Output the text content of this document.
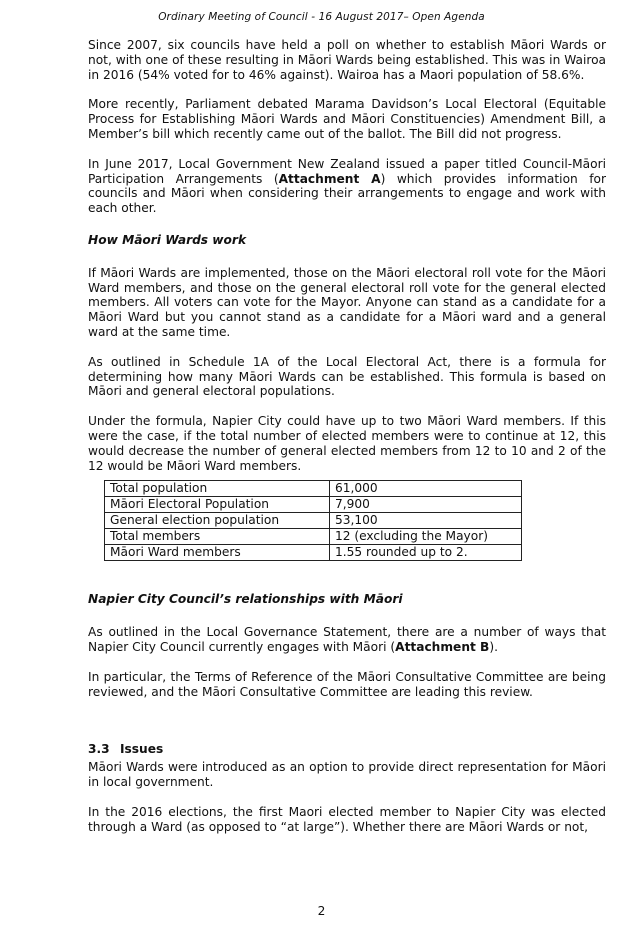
Ordinary Meeting of Council - 16 August 2017– Open Agenda

Since 2007, six councils have held a poll on whether to establish Māori Wards or not, with one of these resulting in Māori Wards being established. This was in Wairoa in 2016 (54% voted for to 46% against). Wairoa has a Maori population of 58.6%.

More recently, Parliament debated Marama Davidson’s Local Electoral (Equitable Process for Establishing Māori Wards and Māori Constituencies) Amendment Bill, a Member’s bill which recently came out of the ballot. The Bill did not progress.

In June 2017, Local Government New Zealand issued a paper titled Council-Māori Participation Arrangements (Attachment A) which provides information for councils and Māori when considering their arrangements to engage and work with each other.

How Māori Wards work

If Māori Wards are implemented, those on the Māori electoral roll vote for the Māori Ward members, and those on the general electoral roll vote for the general elected members. All voters can vote for the Mayor. Anyone can stand as a candidate for a Māori Ward but you cannot stand as a candidate for a Māori ward and a general ward at the same time.

As outlined in Schedule 1A of the Local Electoral Act, there is a formula for determining how many Māori Wards can be established. This formula is based on Māori and general electoral populations.

Under the formula, Napier City could have up to two Māori Ward members. If this were the case, if the total number of elected members were to continue at 12, this would decrease the number of general elected members from 12 to 10 and 2 of the 12 would be Māori Ward members.

Total population	61,000
Māori Electoral Population	7,900
General election population	53,100
Total members	12 (excluding the Mayor)
Māori Ward members	1.55 rounded up to 2.
Napier City Council’s relationships with Māori

As outlined in the Local Governance Statement, there are a number of ways that Napier City Council currently engages with Māori (Attachment B).

In particular, the Terms of Reference of the Māori Consultative Committee are being reviewed, and the Māori Consultative Committee are leading this review.

3.3 Issues

Māori Wards were introduced as an option to provide direct representation for Māori in local government.

In the 2016 elections, the first Maori elected member to Napier City was elected through a Ward (as opposed to “at large”). Whether there are Māori Wards or not,

2
